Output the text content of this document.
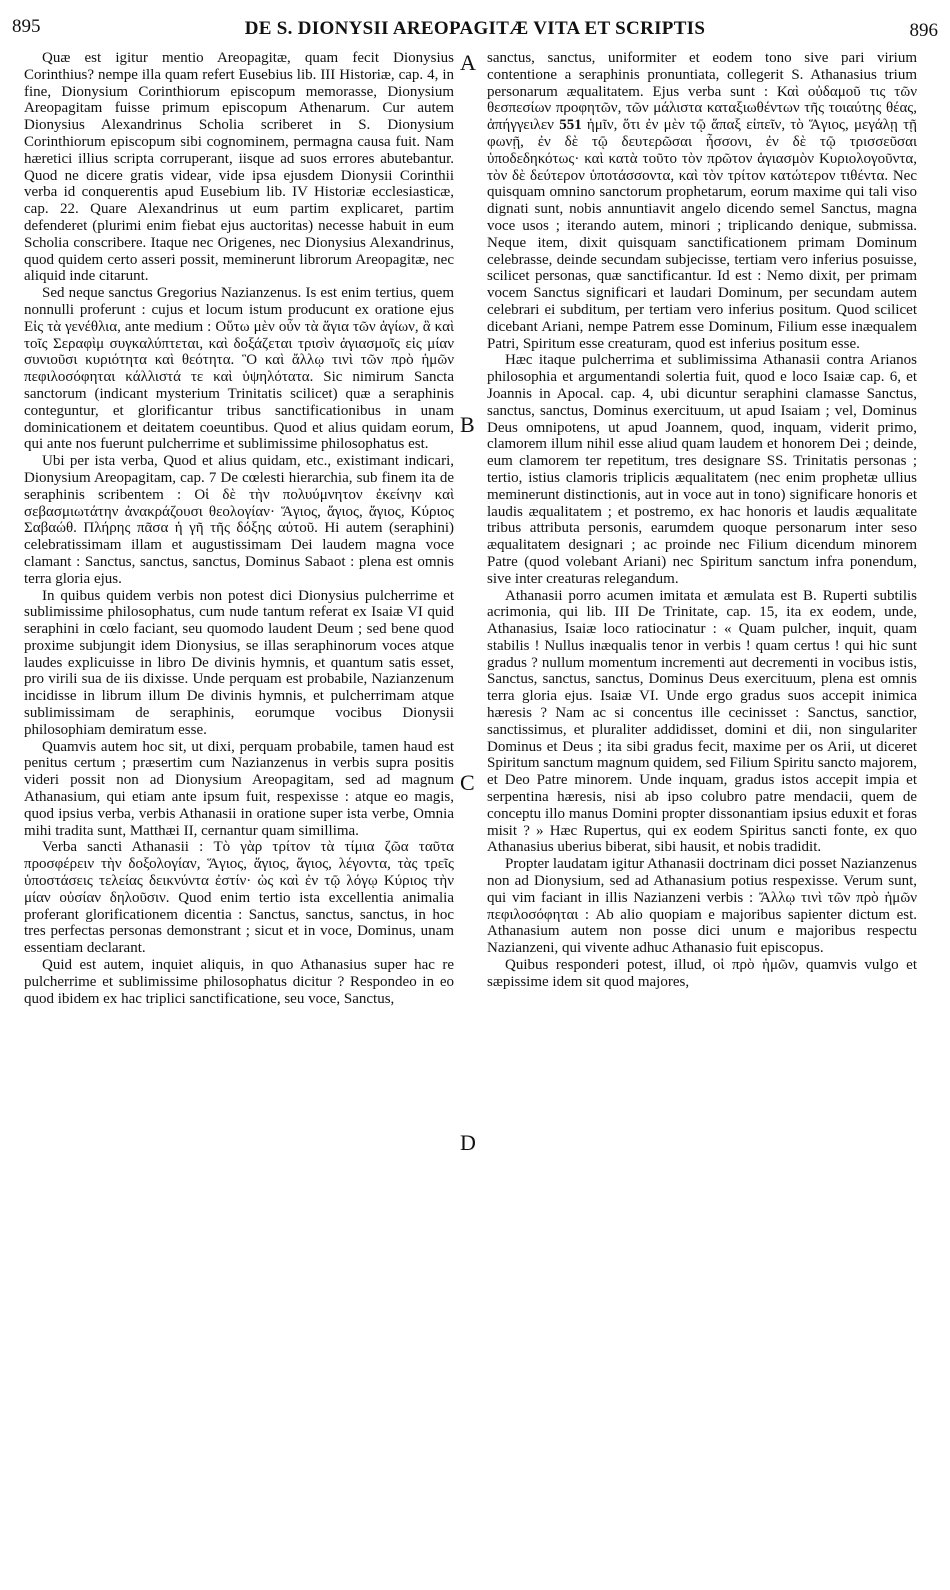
895	DE S. DIONYSII AREOPAGITÆ VITA ET SCRIPTIS	896

Quæ est igitur mentio Areopagitæ, quam fecit Dionysius Corinthius? nempe illa quam refert Eusebius lib. III Historiæ, cap. 4, in fine, Dionysium Corinthiorum episcopum memorasse, Dionysium Areopagitam fuisse primum episcopum Athenarum. Cur autem Dionysius Alexandrinus Scholia scriberet in S. Dionysium Corinthiorum episcopum sibi cognominem, permagna causa fuit. Nam hæretici illius scripta corruperant, iisque ad suos errores abutebantur. Quod ne dicere gratis videar, vide ipsa ejusdem Dionysii Corinthii verba id conquerentis apud Eusebium lib. IV Historiæ ecclesiasticæ, cap. 22. Quare Alexandrinus ut eum partim explicaret, partim defenderet (plurimi enim fiebat ejus auctoritas) necesse habuit in eum Scholia conscribere. Itaque nec Origenes, nec Dionysius Alexandrinus, quod quidem certo asseri possit, meminerunt librorum Areopagitæ, nec aliquid inde citarunt.

Sed neque sanctus Gregorius Nazianzenus. Is est enim tertius, quem nonnulli proferunt : cujus et locum istum producunt ex oratione ejus Εἰς τὰ γενέθλια, ante medium : Οὕτω μὲν οὖν τὰ ἅγια τῶν ἁγίων, ἃ καὶ τοῖς Σεραφὶμ συγκαλύπτεται, καὶ δοξάζεται τρισὶν ἁγιασμοῖς εἰς μίαν συνιοῦσι κυριότητα καὶ θεότητα. Ὃ καὶ ἄλλῳ τινὶ τῶν πρὸ ἡμῶν πεφιλοσόφηται κάλλιστά τε καὶ ὑψηλότατα. Sic nimirum Sancta sanctorum (indicant mysterium Trinitatis scilicet) quæ a seraphinis conteguntur, et glorificantur tribus sanctificationibus in unam dominicationem et deitatem coeuntibus. Quod et alius quidam eorum, qui ante nos fuerunt pulcherrime et sublimissime philosophatus est.

Ubi per ista verba, Quod et alius quidam, etc., existimant indicari, Dionysium Areopagitam, cap. 7 De cœlesti hierarchia, sub finem ita de seraphinis scribentem : Οἱ δὲ τὴν πολυύμνητον ἐκείνην καὶ σεβασμιωτάτην ἀνακράζουσι θεολογίαν· Ἅγιος, ἅγιος, ἅγιος, Κύριος Σαβαώθ. Πλήρης πᾶσα ἡ γῆ τῆς δόξης αὐτοῦ. Hi autem (seraphini) celebratissimam illam et augustissimam Dei laudem magna voce clamant : Sanctus, sanctus, sanctus, Dominus Sabaot : plena est omnis terra gloria ejus.

In quibus quidem verbis non potest dici Dionysius pulcherrime et sublimissime philosophatus, cum nude tantum referat ex Isaiæ VI quid seraphini in cœlo faciant, seu quomodo laudent Deum ; sed bene quod proxime subjungit idem Dionysius, se illas seraphinorum voces atque laudes explicuisse in libro De divinis hymnis, et quantum satis esset, pro virili sua de iis dixisse. Unde perquam est probabile, Nazianzenum incidisse in librum illum De divinis hymnis, et pulcherrimam atque sublimissimam de seraphinis, eorumque vocibus Dionysii philosophiam demiratum esse.

Quamvis autem hoc sit, ut dixi, perquam probabile, tamen haud est penitus certum ; præsertim cum Nazianzenus in verbis supra positis videri possit non ad Dionysium Areopagitam, sed ad magnum Athanasium, qui etiam ante ipsum fuit, respexisse : atque eo magis, quod ipsius verba, verbis Athanasii in oratione super ista verbe, Omnia mihi tradita sunt, Matthæi II, cernantur quam simillima.

Verba sancti Athanasii : Τὸ γὰρ τρίτον τὰ τίμια ζῶα ταῦτα προσφέρειν τὴν δοξολογίαν, Ἅγιος, ἅγιος, ἅγιος, λέγοντα, τὰς τρεῖς ὑποστάσεις τελείας δεικνύντα ἐστίν· ὡς καὶ ἐν τῷ λόγῳ Κύριος τὴν μίαν οὐσίαν δηλοῦσιν. Quod enim tertio ista excellentia animalia proferant glorificationem dicentia : Sanctus, sanctus, sanctus, in hoc tres perfectas personas demonstrant ; sicut et in voce, Dominus, unam essentiam declarant.

Quid est autem, inquiet aliquis, in quo Athanasius super hac re pulcherrime et sublimissime philosophatus dicitur ? Respondeo in eo quod ibidem ex hac triplici sanctificatione, seu voce, Sanctus,

A
B
C
D

sanctus, sanctus, uniformiter et eodem tono sive pari virium contentione a seraphinis pronuntiata, collegerit S. Athanasius trium personarum æqualitatem. Ejus verba sunt : Καὶ οὐδαμοῦ τις τῶν θεσπεσίων προφητῶν, τῶν μάλιστα καταξιωθέντων τῆς τοιαύτης θέας, ἀπήγγειλεν 551 ἡμῖν, ὅτι ἐν μὲν τῷ ἅπαξ εἰπεῖν, τὸ Ἅγιος, μεγάλῃ τῇ φωνῇ, ἐν δὲ τῷ δευτερῶσαι ἧσσονι, ἐν δὲ τῷ τρισσεῦσαι ὑποδεδηκότως· καὶ κατὰ τοῦτο τὸν πρῶτον ἁγιασμὸν Κυριολογοῦντα, τὸν δὲ δεύτερον ὑποτάσσοντα, καὶ τὸν τρίτον κατώτερον τιθέντα. Nec quisquam omnino sanctorum prophetarum, eorum maxime qui tali viso dignati sunt, nobis annuntiavit angelo dicendo semel Sanctus, magna voce usos ; iterando autem, minori ; triplicando denique, submissa. Neque item, dixit quisquam sanctificationem primam Dominum celebrasse, deinde secundam subjecisse, tertiam vero inferius posuisse, scilicet personas, quæ sanctificantur. Id est : Nemo dixit, per primam vocem Sanctus significari et laudari Dominum, per secundam autem celebrari ei subditum, per tertiam vero inferius positum. Quod scilicet dicebant Ariani, nempe Patrem esse Dominum, Filium esse inæqualem Patri, Spiritum esse creaturam, quod est inferius positum esse.

Hæc itaque pulcherrima et sublimissima Athanasii contra Arianos philosophia et argumentandi solertia fuit, quod e loco Isaiæ cap. 6, et Joannis in Apocal. cap. 4, ubi dicuntur seraphini clamasse Sanctus, sanctus, sanctus, Dominus exercituum, ut apud Isaiam ; vel, Dominus Deus omnipotens, ut apud Joannem, quod, inquam, viderit primo, clamorem illum nihil esse aliud quam laudem et honorem Dei ; deinde, eum clamorem ter repetitum, tres designare SS. Trinitatis personas ; tertio, istius clamoris triplicis æqualitatem (nec enim prophetæ ullius meminerunt distinctionis, aut in voce aut in tono) significare honoris et laudis æqualitatem ; et postremo, ex hac honoris et laudis æqualitate tribus attributa personis, earumdem quoque personarum inter seso æqualitatem designari ; ac proinde nec Filium dicendum minorem Patre (quod volebant Ariani) nec Spiritum sanctum infra ponendum, sive inter creaturas relegandum.

Athanasii porro acumen imitata et æmulata est B. Ruperti subtilis acrimonia, qui lib. III De Trinitate, cap. 15, ita ex eodem, unde, Athanasius, Isaiæ loco ratiocinatur : « Quam pulcher, inquit, quam stabilis ! Nullus inæqualis tenor in verbis ! quam certus ! qui hic sunt gradus ? nullum momentum incrementi aut decrementi in vocibus istis, Sanctus, sanctus, sanctus, Dominus Deus exercituum, plena est omnis terra gloria ejus. Isaiæ VI. Unde ergo gradus suos accepit inimica hæresis ? Nam ac si concentus ille cecinisset : Sanctus, sanctior, sanctissimus, et pluraliter addidisset, domini et dii, non singulariter Dominus et Deus ; ita sibi gradus fecit, maxime per os Arii, ut diceret Spiritum sanctum magnum quidem, sed Filium Spiritu sancto majorem, et Deo Patre minorem. Unde inquam, gradus istos accepit impia et serpentina hæresis, nisi ab ipso colubro patre mendacii, quem de conceptu illo manus Domini propter dissonantiam ipsius eduxit et foras misit ? » Hæc Rupertus, qui ex eodem Spiritus sancti fonte, ex quo Athanasius uberius biberat, sibi hausit, et nobis tradidit.

Propter laudatam igitur Athanasii doctrinam dici posset Nazianzenus non ad Dionysium, sed ad Athanasium potius respexisse. Verum sunt, qui vim faciant in illis Nazianzeni verbis : Ἄλλῳ τινὶ τῶν πρὸ ἡμῶν πεφιλοσόφηται : Ab alio quopiam e majoribus sapienter dictum est. Athanasium autem non posse dici unum e majoribus respectu Nazianzeni, qui vivente adhuc Athanasio fuit episcopus.

Quibus responderi potest, illud, οἱ πρὸ ἡμῶν, quamvis vulgo et sæpissime idem sit quod majores,
